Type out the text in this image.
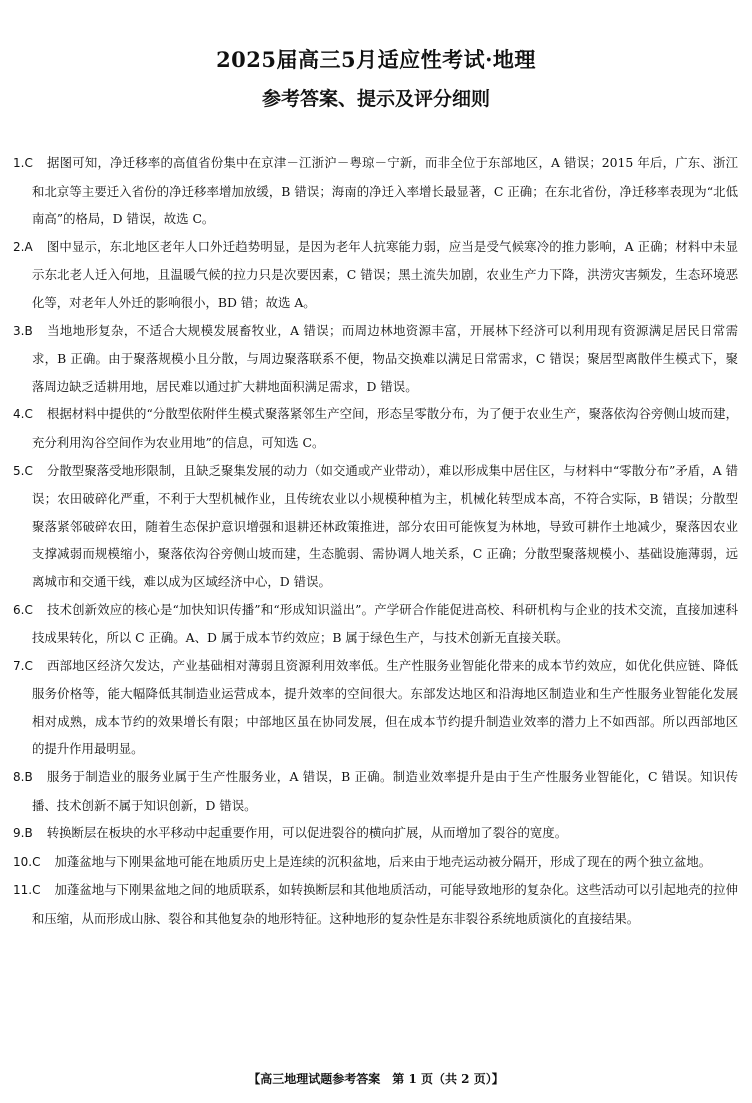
2025届高三5月适应性考试·地理
参考答案、提示及评分细则

1.C 据图可知，净迁移率的高值省份集中在京津－江浙沪－粤琼－宁新，而非全位于东部地区，A 错误；2015 年后，广东、浙江和北京等主要迁入省份的净迁移率增加放缓，B 错误；海南的净迁入率增长最显著，C 正确；在东北省份，净迁移率表现为“北低南高”的格局，D 错误，故选 C。

2.A 图中显示，东北地区老年人口外迁趋势明显，是因为老年人抗寒能力弱，应当是受气候寒冷的推力影响，A 正确；材料中未显示东北老人迁入何地，且温暖气候的拉力只是次要因素，C 错误；黑土流失加剧，农业生产力下降，洪涝灾害频发，生态环境恶化等，对老年人外迁的影响很小，BD 错；故选 A。

3.B 当地地形复杂，不适合大规模发展畜牧业，A 错误；而周边林地资源丰富，开展林下经济可以利用现有资源满足居民日常需求，B 正确。由于聚落规模小且分散，与周边聚落联系不便，物品交换难以满足日常需求，C 错误；聚居型离散伴生模式下，聚落周边缺乏适耕用地，居民难以通过扩大耕地面积满足需求，D 错误。

4.C 根据材料中提供的“分散型依附伴生模式聚落紧邻生产空间，形态呈零散分布，为了便于农业生产，聚落依沟谷旁侧山坡而建，充分利用沟谷空间作为农业用地”的信息，可知选 C。

5.C 分散型聚落受地形限制，且缺乏聚集发展的动力（如交通或产业带动），难以形成集中居住区，与材料中“零散分布”矛盾，A 错误；农田破碎化严重，不利于大型机械作业，且传统农业以小规模种植为主，机械化转型成本高，不符合实际，B 错误；分散型聚落紧邻破碎农田，随着生态保护意识增强和退耕还林政策推进，部分农田可能恢复为林地，导致可耕作土地减少，聚落因农业支撑减弱而规模缩小，聚落依沟谷旁侧山坡而建，生态脆弱、需协调人地关系，C 正确；分散型聚落规模小、基础设施薄弱，远离城市和交通干线，难以成为区域经济中心，D 错误。

6.C 技术创新效应的核心是“加快知识传播”和“形成知识溢出”。产学研合作能促进高校、科研机构与企业的技术交流，直接加速科技成果转化，所以 C 正确。A、D 属于成本节约效应；B 属于绿色生产，与技术创新无直接关联。

7.C 西部地区经济欠发达，产业基础相对薄弱且资源利用效率低。生产性服务业智能化带来的成本节约效应，如优化供应链、降低服务价格等，能大幅降低其制造业运营成本，提升效率的空间很大。东部发达地区和沿海地区制造业和生产性服务业智能化发展相对成熟，成本节约的效果增长有限；中部地区虽在协同发展，但在成本节约提升制造业效率的潜力上不如西部。所以西部地区的提升作用最明显。

8.B 服务于制造业的服务业属于生产性服务业，A 错误，B 正确。制造业效率提升是由于生产性服务业智能化，C 错误。知识传播、技术创新不属于知识创新，D 错误。

9.B 转换断层在板块的水平移动中起重要作用，可以促进裂谷的横向扩展，从而增加了裂谷的宽度。

10.C 加蓬盆地与下刚果盆地可能在地质历史上是连续的沉积盆地，后来由于地壳运动被分隔开，形成了现在的两个独立盆地。

11.C 加蓬盆地与下刚果盆地之间的地质联系，如转换断层和其他地质活动，可能导致地形的复杂化。这些活动可以引起地壳的拉伸和压缩，从而形成山脉、裂谷和其他复杂的地形特征。这种地形的复杂性是东非裂谷系统地质演化的直接结果。

【高三地理试题参考答案　第 1 页（共 2 页）】
